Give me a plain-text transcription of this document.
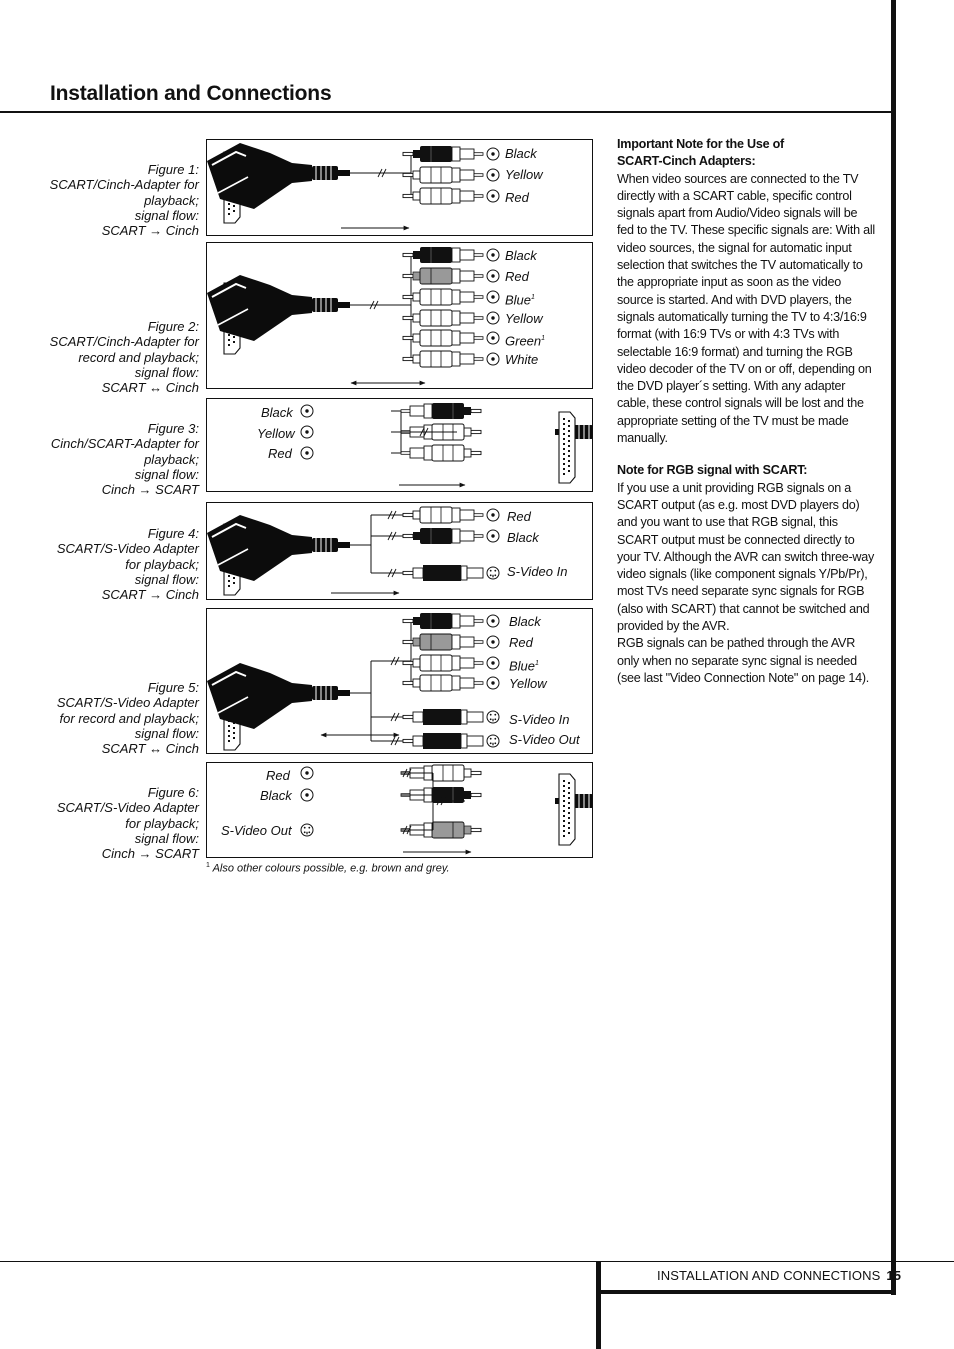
Installation and Connections
Figure 1:
SCART/Cinch-Adapter for
playback;
signal flow:
SCART → Cinch
Figure 2:
SCART/Cinch-Adapter for
record and playback;
signal flow:
SCART ↔ Cinch
Figure 3:
Cinch/SCART-Adapter for
playback;
signal flow:
Cinch → SCART
Figure 4:
SCART/S-Video Adapter
for playback;
signal flow:
SCART → Cinch
Figure 5:
SCART/S-Video Adapter
for record and playback;
signal flow:
SCART ↔ Cinch
Figure 6:
SCART/S-Video Adapter
for playback;
signal flow:
Cinch → SCART
Black
Yellow
Red
Black
Red
Blue$^1$
Yellow
Green$^1$
White
Black
Yellow
Red
Red
Black
S-Video In
Black
Red
Blue$^1$
Yellow
S-Video In
S-Video Out
Red
Black
S-Video Out
$^1$ Also other colours possible, e.g. brown and grey.
Important Note for the Use of
SCART-Cinch Adapters:

When video sources are connected to the TV directly with a SCART cable, specific control signals apart from Audio/Video signals will be fed to the TV. These specific signals are: With all video sources, the signal for automatic input selection that switches the TV automatically to the appropriate input as soon as the video source is started. And with DVD players, the signals automatically turning the TV to 4:3/16:9 format (with 16:9 TVs or with 4:3 TVs with selectable 16:9 format) and turning the RGB video decoder of the TV on or off, depending on the DVD player´s setting. With any adapter cable, these control signals will be lost and the appropriate setting of the TV must be made manually.

Note for RGB signal with SCART:

If you use a unit providing RGB signals on a SCART output (as e.g. most DVD players do) and you want to use that RGB signal, this SCART output must be connected directly to your TV. Although the AVR can switch three-way video signals (like component signals Y/Pb/Pr), most TVs need separate sync signals for RGB (also with SCART) that cannot be switched and provided by the AVR.

RGB signals can be pathed through the AVR only when no separate sync signal is needed (see last "Video Connection Note" on page 14).

INSTALLATION AND CONNECTIONS 15
